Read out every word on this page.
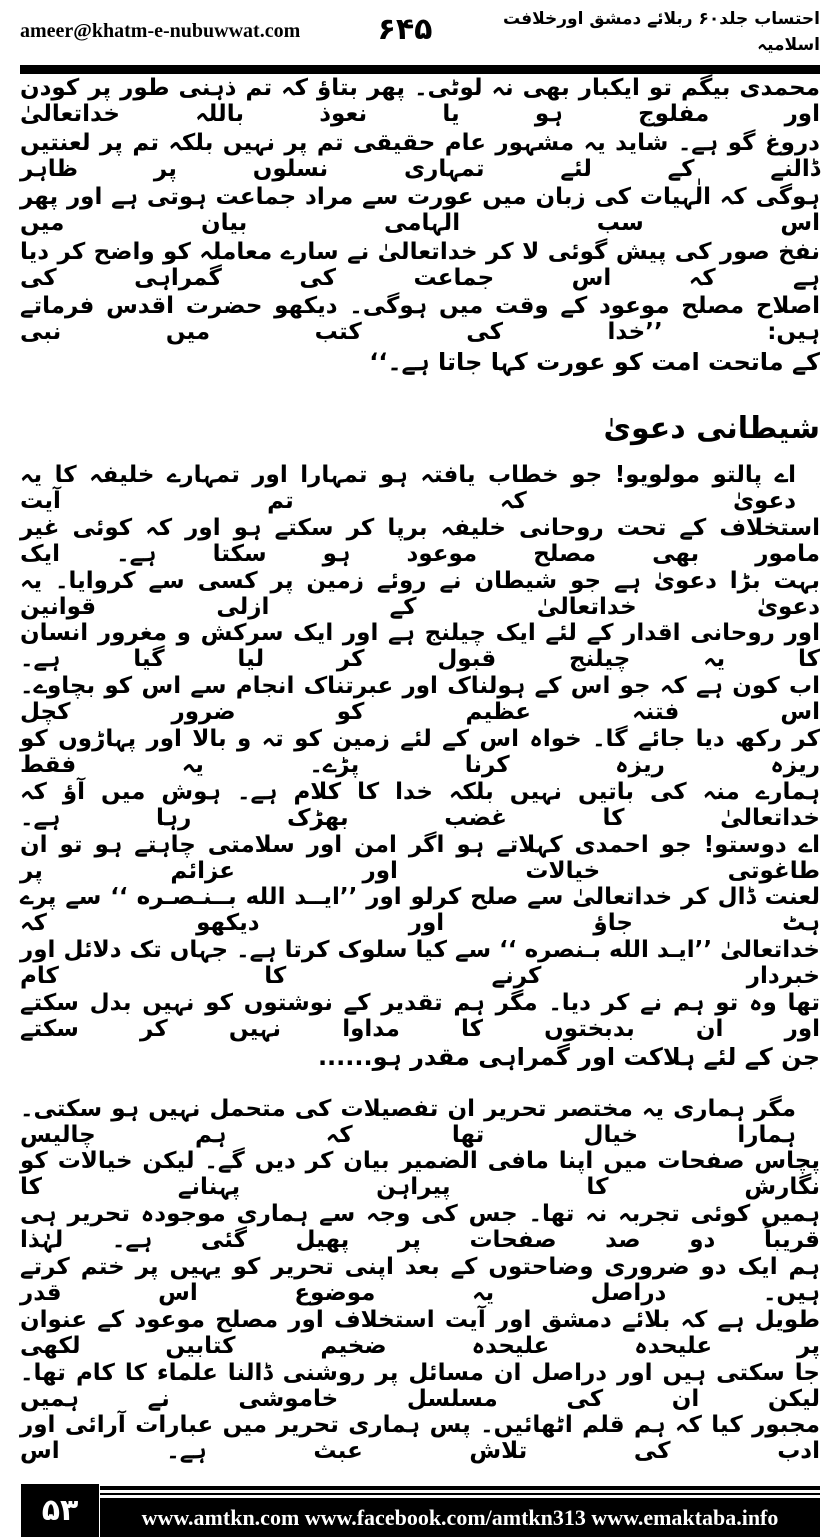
ameer@khatm-e-nubuwwat.com	۶۴۵	احتساب جلد۶۰ ربلائے دمشق اورخلافت اسلامیہ
محمدی بیگم تو ایکبار بھی نہ لوٹی۔ پھر بتاؤ کہ تم ذہنی طور پر کودن اور مفلوج ہو یا نعوذ باللہ خداتعالیٰ
دروغ گو ہے۔ شاید یہ مشہور عام حقیقی تم پر نہیں بلکہ تم پر لعنتیں ڈالنے کے لئے تمہاری نسلوں پر ظاہر
ہوگی کہ الٰہیات کی زبان میں عورت سے مراد جماعت ہوتی ہے اور پھر اس سب الہامی بیان میں
نفخ صور کی پیش گوئی لا کر خداتعالیٰ نے سارے معاملہ کو واضح کر دیا ہے کہ اس جماعت کی گمراہی کی
اصلاح مصلح موعود کے وقت میں ہوگی۔ دیکھو حضرت اقدس فرماتے ہیں: ’’خدا کی کتب میں نبی
کے ماتحت امت کو عورت کہا جاتا ہے۔‘‘
اے پالتو مولویو! جو خطاب یافتہ ہو تمہارا اور تمہارے خلیفہ کا یہ دعویٰ کہ تم آیت
استخلاف کے تحت روحانی خلیفہ برپا کر سکتے ہو اور کہ کوئی غیر مامور بھی مصلح موعود ہو سکتا ہے۔ ایک
بہت بڑا دعویٰ ہے جو شیطان نے روئے زمین پر کسی سے کروایا۔ یہ دعویٰ خداتعالیٰ کے ازلی قوانین
اور روحانی اقدار کے لئے ایک چیلنج ہے اور ایک سرکش و مغرور انسان کا یہ چیلنج قبول کر لیا گیا ہے۔
اب کون ہے کہ جو اس کے ہولناک اور عبرتناک انجام سے اس کو بچاوے۔ اس فتنہ عظیم کو ضرور کچل
کر رکھ دیا جائے گا۔ خواہ اس کے لئے زمین کو تہ و بالا اور پہاڑوں کو ریزہ ریزہ کرنا پڑے۔ یہ فقط
ہمارے منہ کی باتیں نہیں بلکہ خدا کا کلام ہے۔ ہوش میں آؤ کہ خداتعالیٰ کا غضب بھڑک رہا ہے۔
اے دوستو! جو احمدی کہلاتے ہو اگر امن اور سلامتی چاہتے ہو تو ان طاغوتی خیالات اور عزائم پر
لعنت ڈال کر خداتعالیٰ سے صلح کرلو اور ’’ایــد الله بــنـصـره ‘‘ سے پرے ہٹ جاؤ اور دیکھو کہ
خداتعالیٰ ’’ایـد الله بـنصره ‘‘ سے کیا سلوک کرتا ہے۔ جہاں تک دلائل اور خبردار کرنے کا کام
تھا وہ تو ہم نے کر دیا۔ مگر ہم تقدیر کے نوشتوں کو نہیں بدل سکتے اور ان بدبختوں کا مداوا نہیں کر سکتے
جن کے لئے ہلاکت اور گمراہی مقدر ہو......
مگر ہماری یہ مختصر تحریر ان تفصیلات کی متحمل نہیں ہو سکتی۔ ہمارا خیال تھا کہ ہم چالیس
پچاس صفحات میں اپنا مافی الضمیر بیان کر دیں گے۔ لیکن خیالات کو نگارش کا پیراہن پہنانے کا
ہمیں کوئی تجربہ نہ تھا۔ جس کی وجہ سے ہماری موجودہ تحریر ہی قریباً دو صد صفحات پر پھیل گئی ہے۔ لہٰذا
ہم ایک دو ضروری وضاحتوں کے بعد اپنی تحریر کو یہیں پر ختم کرتے ہیں۔ دراصل یہ موضوع اس قدر
طویل ہے کہ بلائے دمشق اور آیت استخلاف اور مصلح موعود کے عنوان پر علیحدہ علیحدہ ضخیم کتابیں لکھی
جا سکتی ہیں اور دراصل ان مسائل پر روشنی ڈالنا علماء کا کام تھا۔ لیکن ان کی مسلسل خاموشی نے ہمیں
مجبور کیا کہ ہم قلم اٹھائیں۔ پس ہماری تحریر میں عبارات آرائی اور ادب کی تلاش عبث ہے۔ اس
شیطانی دعویٰ
۵۳	www.amtkn.com www.facebook.com/amtkn313 www.emaktaba.info
